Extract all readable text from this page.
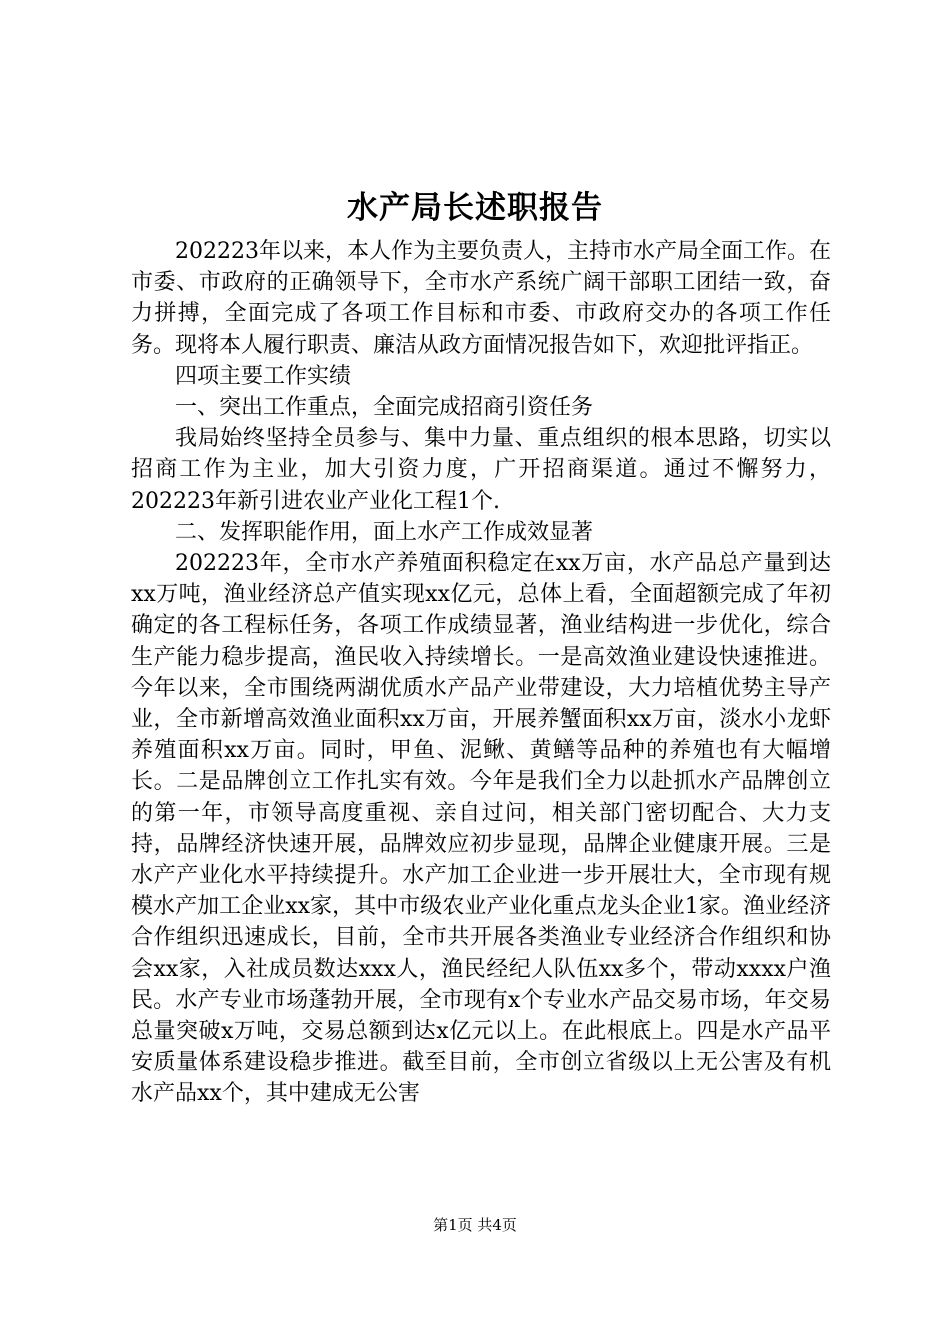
水产局长述职报告

202223年以来，本人作为主要负责人，主持市水产局全面工作。在市委、市政府的正确领导下，全市水产系统广阔干部职工团结一致，奋力拼搏，全面完成了各项工作目标和市委、市政府交办的各项工作任务。现将本人履行职责、廉洁从政方面情况报告如下，欢迎批评指正。

四项主要工作实绩

一、突出工作重点，全面完成招商引资任务

我局始终坚持全员参与、集中力量、重点组织的根本思路，切实以招商工作为主业，加大引资力度，广开招商渠道。通过不懈努力，202223年新引进农业产业化工程1个.

二、发挥职能作用，面上水产工作成效显著

202223年，全市水产养殖面积稳定在xx万亩，水产品总产量到达xx万吨，渔业经济总产值实现xx亿元，总体上看，全面超额完成了年初确定的各工程标任务，各项工作成绩显著，渔业结构进一步优化，综合生产能力稳步提高，渔民收入持续增长。一是高效渔业建设快速推进。今年以来，全市围绕两湖优质水产品产业带建设，大力培植优势主导产业，全市新增高效渔业面积xx万亩，开展养蟹面积xx万亩，淡水小龙虾养殖面积xx万亩。同时，甲鱼、泥鳅、黄鳝等品种的养殖也有大幅增长。二是品牌创立工作扎实有效。今年是我们全力以赴抓水产品牌创立的第一年，市领导高度重视、亲自过问，相关部门密切配合、大力支持，品牌经济快速开展，品牌效应初步显现，品牌企业健康开展。三是水产产业化水平持续提升。水产加工企业进一步开展壮大，全市现有规模水产加工企业xx家，其中市级农业产业化重点龙头企业1家。渔业经济合作组织迅速成长，目前，全市共开展各类渔业专业经济合作组织和协会xx家，入社成员数达xxx人，渔民经纪人队伍xx多个，带动xxxx户渔民。水产专业市场蓬勃开展，全市现有x个专业水产品交易市场，年交易总量突破x万吨，交易总额到达x亿元以上。在此根底上。四是水产品平安质量体系建设稳步推进。截至目前，全市创立省级以上无公害及有机水产品xx个，其中建成无公害

第1页 共4页
